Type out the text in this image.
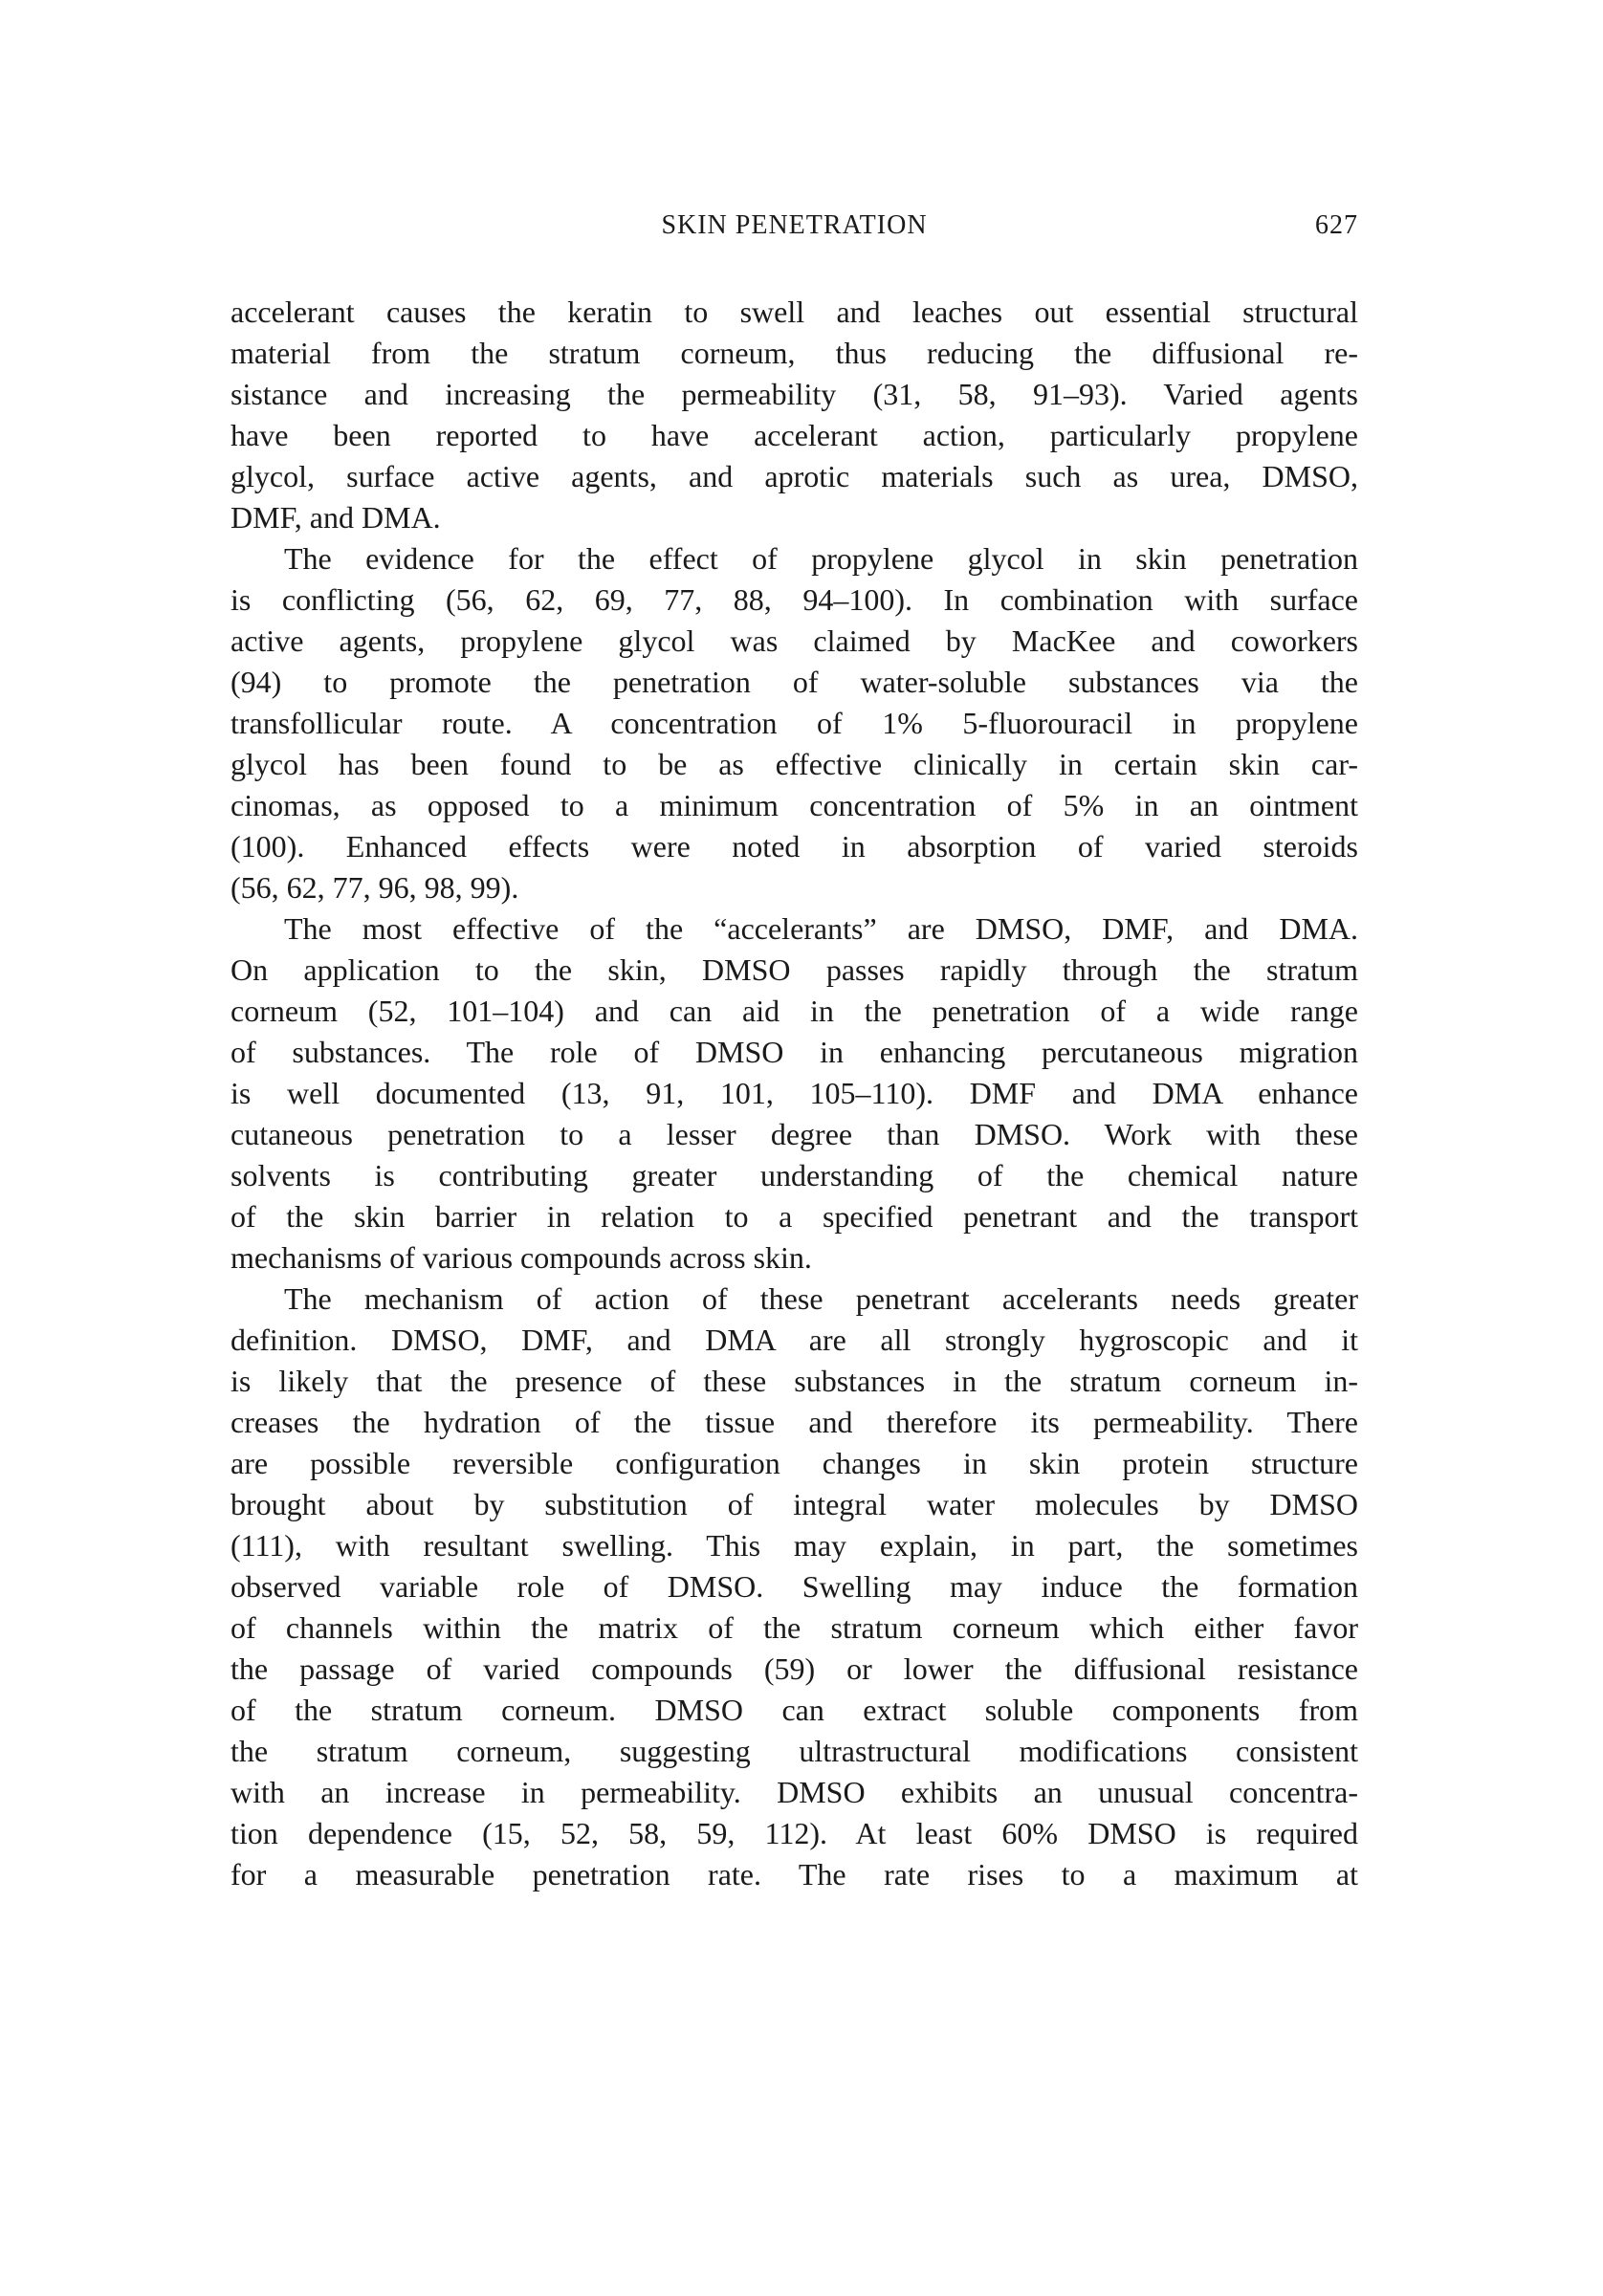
SKIN PENETRATION	627
accelerant causes the keratin to swell and leaches out essential structural
material from the stratum corneum, thus reducing the diffusional re-
sistance and increasing the permeability (31, 58, 91–93). Varied agents
have been reported to have accelerant action, particularly propylene
glycol, surface active agents, and aprotic materials such as urea, DMSO,
DMF, and DMA.
The evidence for the effect of propylene glycol in skin penetration
is conflicting (56, 62, 69, 77, 88, 94–100). In combination with surface
active agents, propylene glycol was claimed by MacKee and coworkers
(94) to promote the penetration of water-soluble substances via the
transfollicular route. A concentration of 1% 5-fluorouracil in propylene
glycol has been found to be as effective clinically in certain skin car-
cinomas, as opposed to a minimum concentration of 5% in an ointment
(100). Enhanced effects were noted in absorption of varied steroids
(56, 62, 77, 96, 98, 99).
The most effective of the “accelerants” are DMSO, DMF, and DMA.
On application to the skin, DMSO passes rapidly through the stratum
corneum (52, 101–104) and can aid in the penetration of a wide range
of substances. The role of DMSO in enhancing percutaneous migration
is well documented (13, 91, 101, 105–110). DMF and DMA enhance
cutaneous penetration to a lesser degree than DMSO. Work with these
solvents is contributing greater understanding of the chemical nature
of the skin barrier in relation to a specified penetrant and the transport
mechanisms of various compounds across skin.
The mechanism of action of these penetrant accelerants needs greater
definition. DMSO, DMF, and DMA are all strongly hygroscopic and it
is likely that the presence of these substances in the stratum corneum in-
creases the hydration of the tissue and therefore its permeability. There
are possible reversible configuration changes in skin protein structure
brought about by substitution of integral water molecules by DMSO
(111), with resultant swelling. This may explain, in part, the sometimes
observed variable role of DMSO. Swelling may induce the formation
of channels within the matrix of the stratum corneum which either favor
the passage of varied compounds (59) or lower the diffusional resistance
of the stratum corneum. DMSO can extract soluble components from
the stratum corneum, suggesting ultrastructural modifications consistent
with an increase in permeability. DMSO exhibits an unusual concentra-
tion dependence (15, 52, 58, 59, 112). At least 60% DMSO is required
for a measurable penetration rate. The rate rises to a maximum at
